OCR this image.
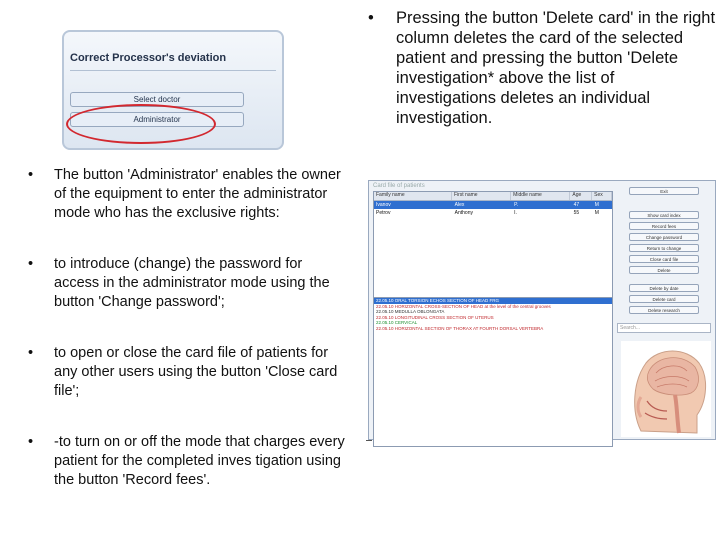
Correct Processor's deviation
Select doctor
Administrator
• Pressing the button 'Delete card' in the right column deletes the card of the selected patient and pressing the button 'Delete investigation* above the list of investigations deletes an individual investigation.
• The button 'Administrator' enables the owner of the equipment to enter the administrator mode who has the exclusive rights:
• to introduce (change) the password for access in the administrator mode using the button 'Change password';
• to open or close the card file of patients for any other users using the button 'Close card file';
• -to turn on or off the mode that charges every patient for the completed inves tigation using the button 'Record fees'.
Card file of patients
Family name	First name	Middle name	Age	Sex
Ivanov	Alex	P.	47	M
Petrov	Anthony	I.	55	M
22.05.10 ORAL TORSION ECHOS SECTION OF HEAD FRG
22.05.10 HORIZONTAL CROSS-SECTION OF HEAD at the level of the central grooves
22.05.10 MEDULLA OBLONGATA
22.05.10 LONGITUDINAL CROSS SECTION OF UTERUS
22.05.10 CERVICAL
22.05.10 HORIZONTAL SECTION OF THORAX AT FOURTH DORSAL VERTEBRA
Exit
Show card index
Record fees
Change password
Return to change
Close card file
Delete
Delete by date
Delete card
Delete research
Search...
